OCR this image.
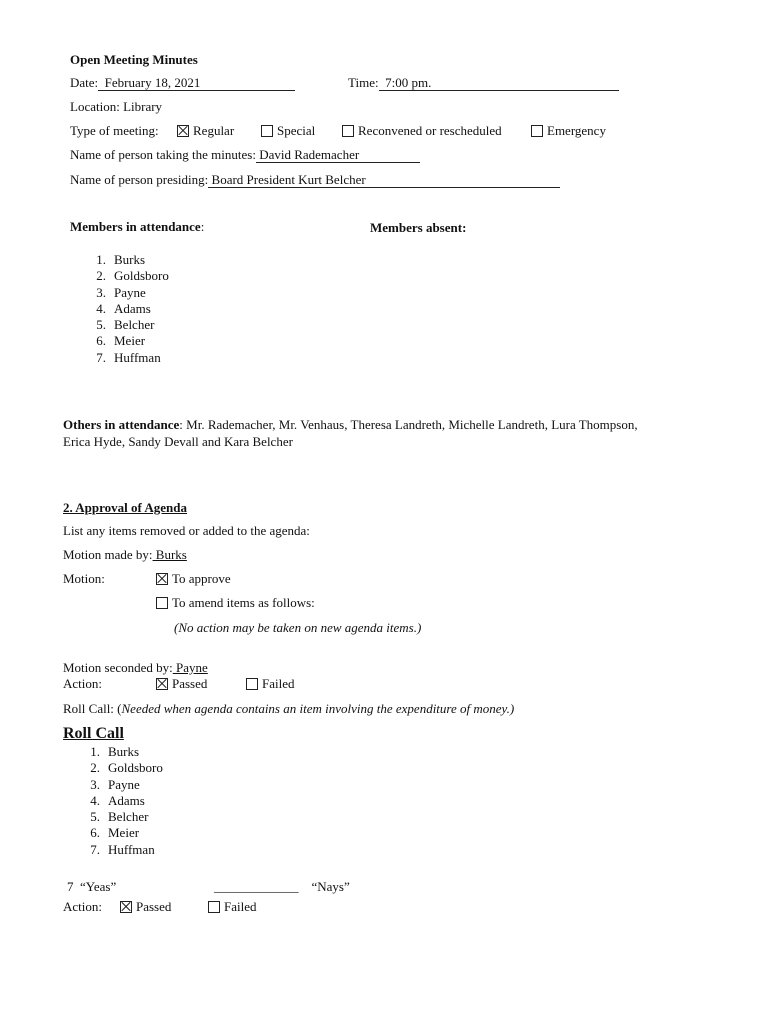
Open Meeting Minutes
Date: February 18, 2021	Time: 7:00 pm.
Location: Library
Type of meeting:	Regular	Special	Reconvened or rescheduled	Emergency
Name of person taking the minutes: David Rademacher
Name of person presiding: Board President Kurt Belcher
Members in attendance:	Members absent:
1. Burks
2. Goldsboro
3. Payne
4. Adams
5. Belcher
6. Meier
7. Huffman
Others in attendance: Mr. Rademacher, Mr. Venhaus, Theresa Landreth, Michelle Landreth, Lura Thompson,
Erica Hyde, Sandy Devall and Kara Belcher
2. Approval of Agenda
List any items removed or added to the agenda:
Motion made by: Burks
Motion:	To approve
To amend items as follows:
(No action may be taken on new agenda items.)
Motion seconded by: Payne
Action:	Passed	Failed
Roll Call: (Needed when agenda contains an item involving the expenditure of money.)
Roll Call
1. Burks
2. Goldsboro
3. Payne
4. Adams
5. Belcher
6. Meier
7. Huffman
7 “Yeas”	_____________ “Nays”
Action:	Passed	Failed
